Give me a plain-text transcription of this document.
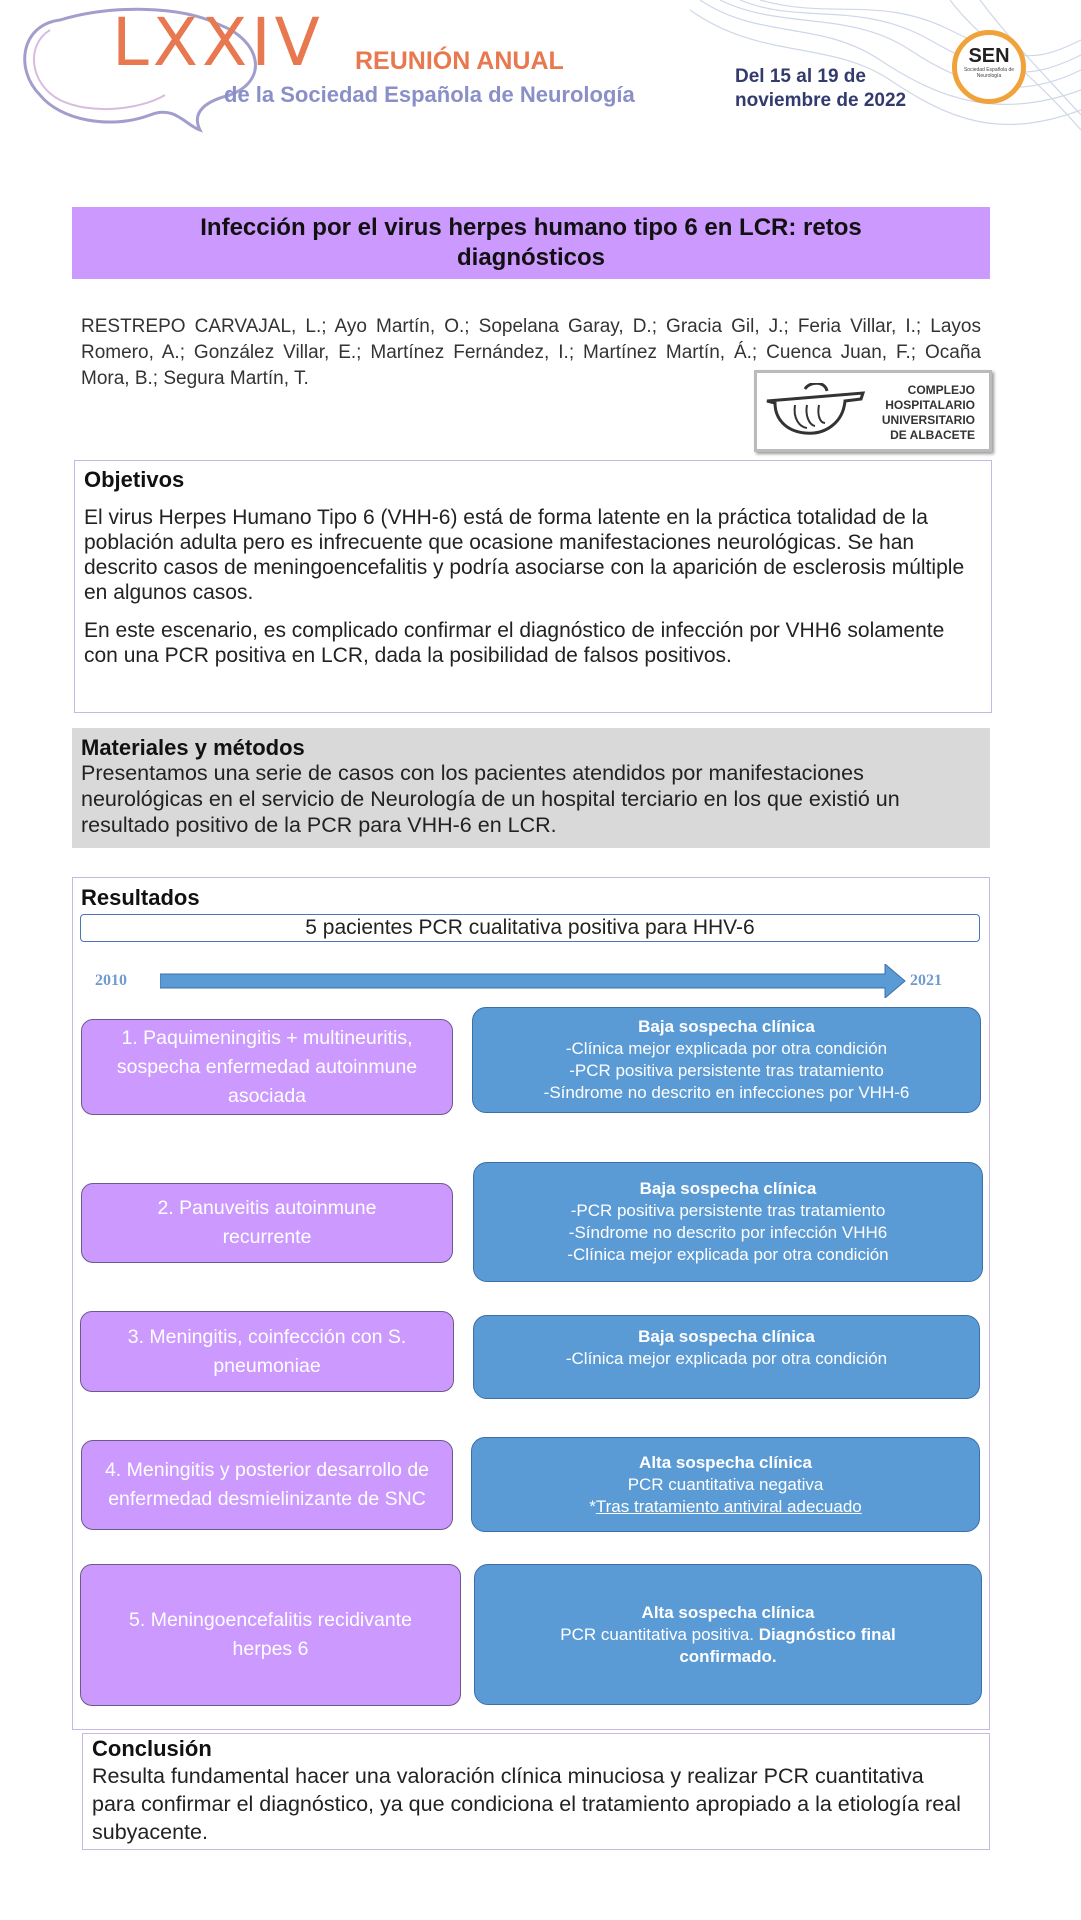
LXXIV REUNIÓN ANUAL
de la Sociedad Española de Neurología
Del 15 al 19 de
noviembre de 2022
SEN
Sociedad Española de Neurología
Infección por el virus herpes humano tipo 6 en LCR: retos diagnósticos
RESTREPO CARVAJAL, L.; Ayo Martín, O.; Sopelana Garay, D.; Gracia Gil, J.; Feria Villar, I.; Layos Romero, A.; González Villar, E.; Martínez Fernández, I.; Martínez Martín, Á.; Cuenca Juan, F.; Ocaña Mora, B.; Segura Martín, T.
COMPLEJO
HOSPITALARIO
UNIVERSITARIO
DE ALBACETE
Objetivos
El virus Herpes Humano Tipo 6 (VHH-6) está de forma latente en la práctica totalidad de la población adulta pero es infrecuente que ocasione manifestaciones neurológicas. Se han descrito casos de meningoencefalitis y podría asociarse con la aparición de esclerosis múltiple en algunos casos.
En este escenario, es complicado confirmar el diagnóstico de infección por VHH6 solamente con una PCR positiva en LCR, dada la posibilidad de falsos positivos.
Materiales y métodos
Presentamos una serie de casos con los pacientes atendidos por manifestaciones neurológicas en el servicio de Neurología de un hospital terciario en los que existió un resultado positivo de la PCR para VHH-6 en LCR.
Resultados
5 pacientes PCR cualitativa positiva para HHV-6
2010	2021
1. Paquimeningitis + multineuritis, sospecha enfermedad autoinmune asociada
Baja sospecha clínica
-Clínica mejor explicada por otra condición
-PCR positiva persistente tras tratamiento
-Síndrome no descrito en infecciones por VHH-6
2. Panuveitis autoinmune recurrente
Baja sospecha clínica
-PCR positiva persistente tras tratamiento
-Síndrome no descrito por infección VHH6
-Clínica mejor explicada por otra condición
3. Meningitis, coinfección con S. pneumoniae
Baja sospecha clínica
-Clínica mejor explicada por otra condición
4. Meningitis y posterior desarrollo de enfermedad desmielinizante de SNC
Alta sospecha clínica
PCR cuantitativa negativa
*Tras tratamiento antiviral adecuado
5. Meningoencefalitis recidivante herpes 6
Alta sospecha clínica
PCR cuantitativa positiva. Diagnóstico final confirmado.
Conclusión
Resulta fundamental hacer una valoración clínica minuciosa y realizar PCR cuantitativa para confirmar el diagnóstico, ya que condiciona el tratamiento apropiado a la etiología real subyacente.
